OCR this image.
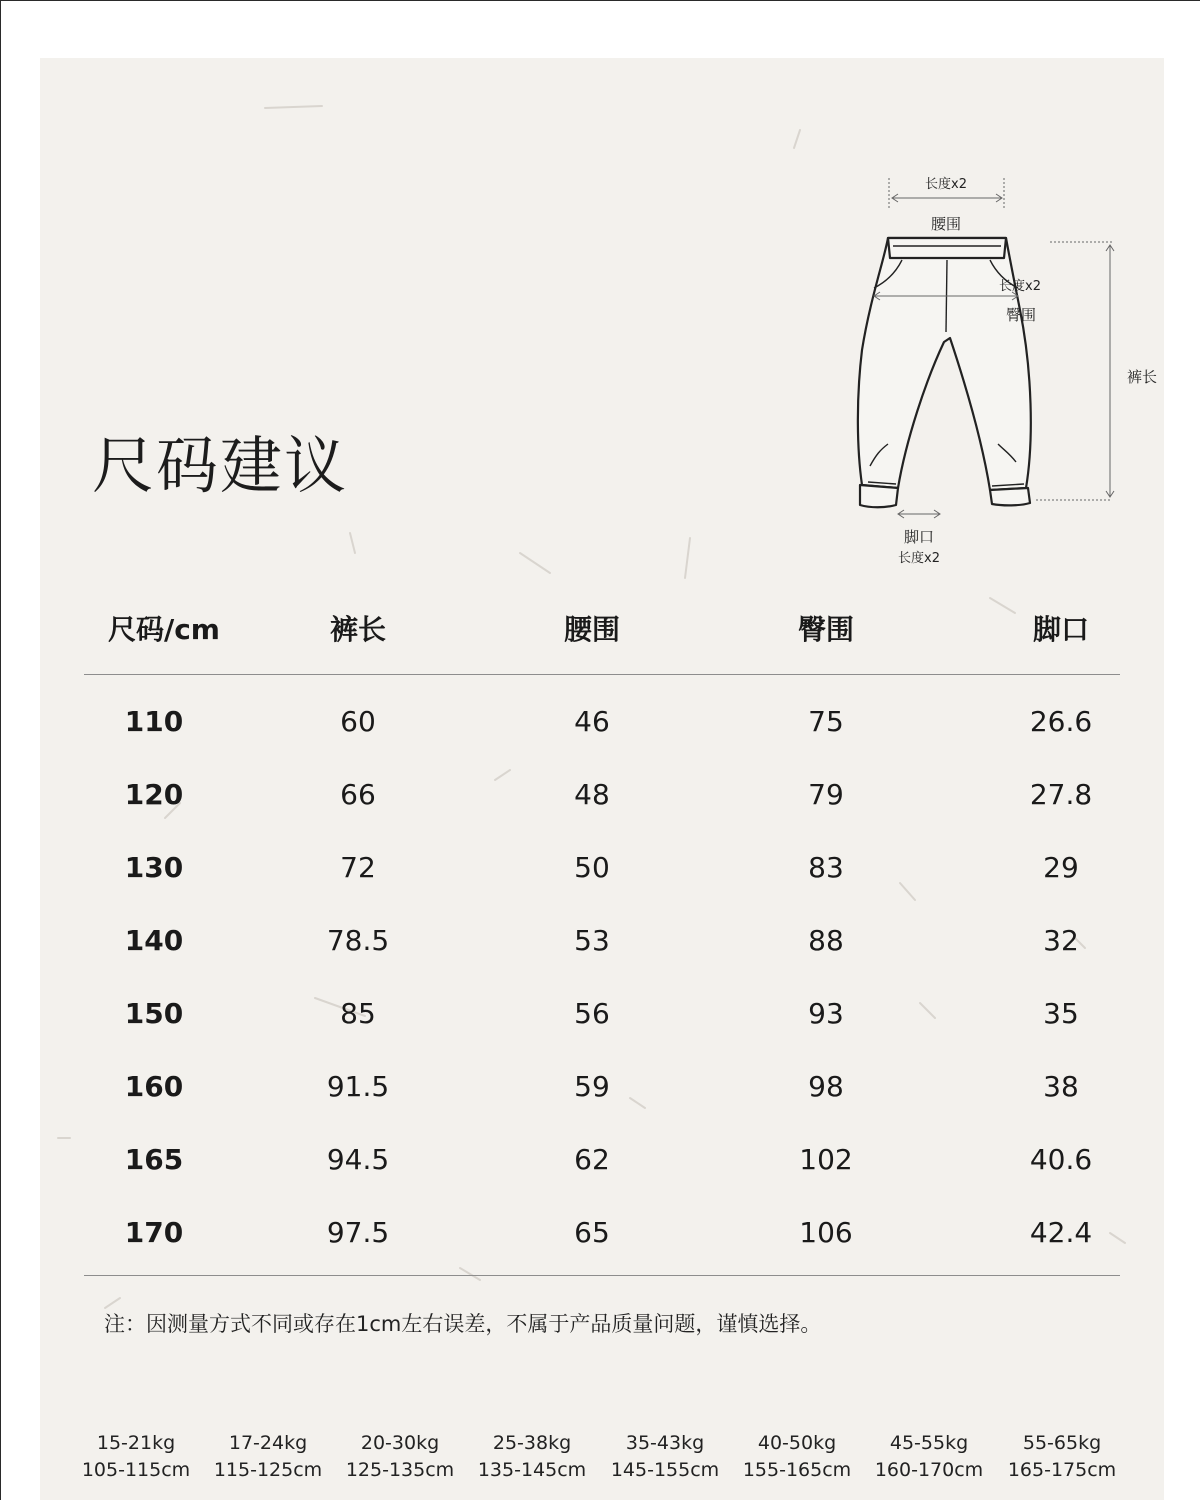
尺码建议
长度x2
腰围
长度x2
臀围
裤长
脚口
长度x2
尺码/cm	裤长	腰围	臀围	脚口
110	60	46	75	26.6
120	66	48	79	27.8
130	72	50	83	29
140	78.5	53	88	32
150	85	56	93	35
160	91.5	59	98	38
165	94.5	62	102	40.6
170	97.5	65	106	42.4
注：因测量方式不同或存在1cm左右误差，不属于产品质量问题，谨慎选择。
15-21kg
105-115cm
17-24kg
115-125cm
20-30kg
125-135cm
25-38kg
135-145cm
35-43kg
145-155cm
40-50kg
155-165cm
45-55kg
160-170cm
55-65kg
165-175cm
